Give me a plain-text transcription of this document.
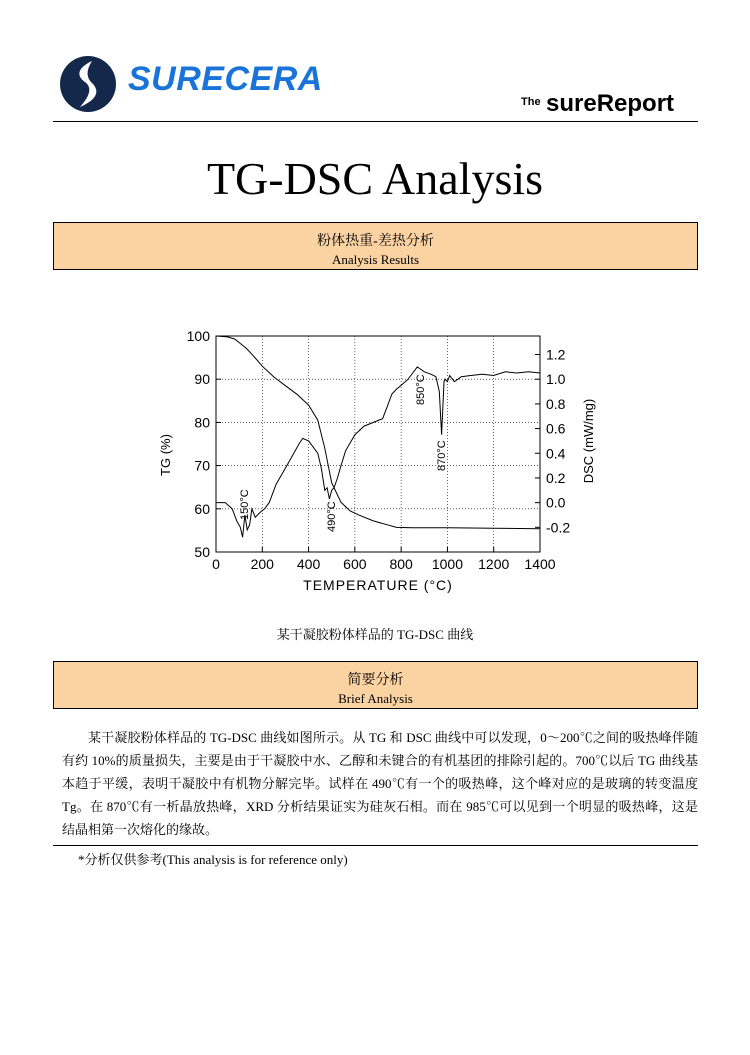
SURECERA
The sureReport
TG-DSC Analysis
粉体热重-差热分析
Analysis Results
0 200 400 600 800 1000 1200 1400
50
60
70
80
90
100
-0.2
0.0
0.2
0.4
0.6
0.8
1.0
1.2
TEMPERATURE (°C)
TG (%)	DSC (mW/mg)
150°C	490°C
850°C
870°C
某干凝胶粉体样品的 TG-DSC 曲线
简要分析
Brief Analysis
某干凝胶粉体样品的 TG-DSC 曲线如图所示。从 TG 和 DSC 曲线中可以发现，0～200℃之间的吸热峰伴随有约 10%的质量损失，主要是由于干凝胶中水、乙醇和未键合的有机基团的排除引起的。700℃以后 TG 曲线基本趋于平缓，表明干凝胶中有机物分解完毕。试样在 490℃有一个的吸热峰，这个峰对应的是玻璃的转变温度 Tg。在 870℃有一析晶放热峰，XRD 分析结果证实为硅灰石相。而在 985℃可以见到一个明显的吸热峰，这是结晶相第一次熔化的缘故。
*分析仅供参考(This analysis is for reference only)
